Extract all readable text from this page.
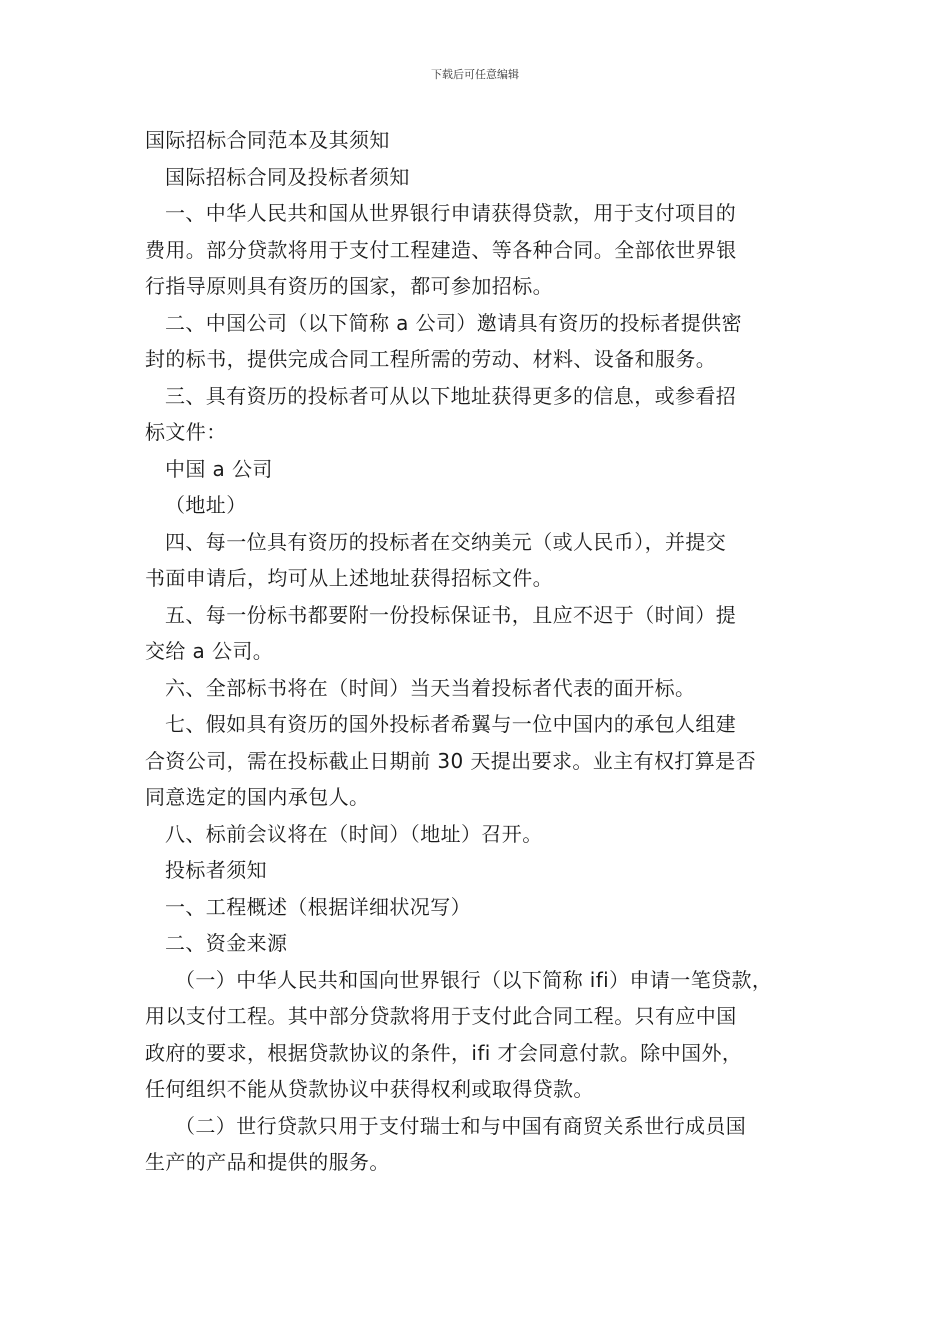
下载后可任意编辑
国际招标合同范本及其须知
国际招标合同及投标者须知
一、中华人民共和国从世界银行申请获得贷款，用于支付项目的
费用。部分贷款将用于支付工程建造、等各种合同。全部依世界银
行指导原则具有资历的国家，都可参加招标。
二、中国公司（以下简称 a 公司）邀请具有资历的投标者提供密
封的标书，提供完成合同工程所需的劳动、材料、设备和服务。
三、具有资历的投标者可从以下地址获得更多的信息，或参看招
标文件：
中国 a 公司
（地址）
四、每一位具有资历的投标者在交纳美元（或人民币），并提交
书面申请后，均可从上述地址获得招标文件。
五、每一份标书都要附一份投标保证书，且应不迟于（时间）提
交给 a 公司。
六、全部标书将在（时间）当天当着投标者代表的面开标。
七、假如具有资历的国外投标者希翼与一位中国内的承包人组建
合资公司，需在投标截止日期前 30 天提出要求。业主有权打算是否
同意选定的国内承包人。
八、标前会议将在（时间）（地址）召开。
投标者须知
一、工程概述（根据详细状况写）
二、资金来源
（一）中华人民共和国向世界银行（以下简称 ifi）申请一笔贷款，
用以支付工程。其中部分贷款将用于支付此合同工程。只有应中国
政府的要求，根据贷款协议的条件，ifi 才会同意付款。除中国外，
任何组织不能从贷款协议中获得权利或取得贷款。
（二）世行贷款只用于支付瑞士和与中国有商贸关系世行成员国
生产的产品和提供的服务。
